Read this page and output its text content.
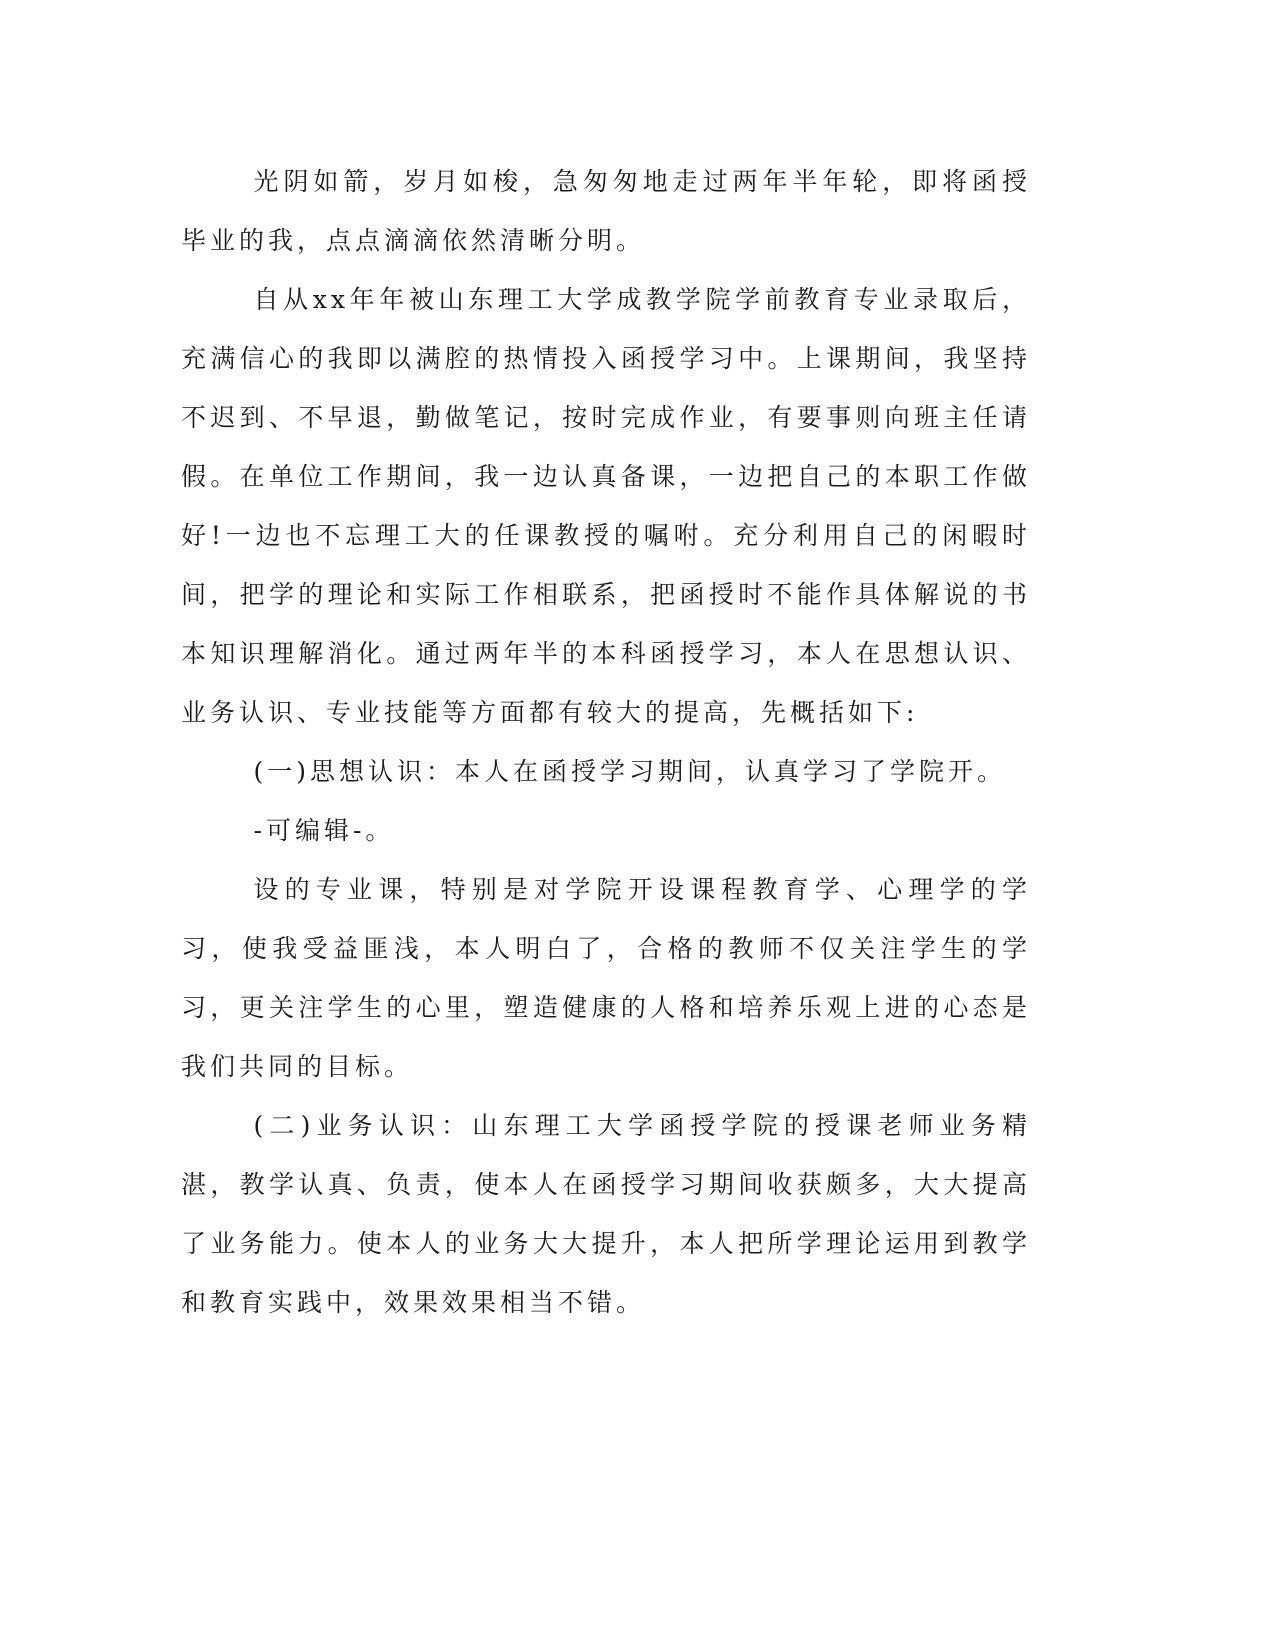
光阴如箭，岁月如梭，急匆匆地走过两年半年轮，即将函授毕业的我，点点滴滴依然清晰分明。

自从xx年年被山东理工大学成教学院学前教育专业录取后，充满信心的我即以满腔的热情投入函授学习中。上课期间，我坚持不迟到、不早退，勤做笔记，按时完成作业，有要事则向班主任请假。在单位工作期间，我一边认真备课，一边把自己的本职工作做好!一边也不忘理工大的任课教授的嘱咐。充分利用自己的闲暇时间，把学的理论和实际工作相联系，把函授时不能作具体解说的书本知识理解消化。通过两年半的本科函授学习，本人在思想认识、业务认识、专业技能等方面都有较大的提高，先概括如下:

(一)思想认识：本人在函授学习期间，认真学习了学院开。

-可编辑-。

设的专业课，特别是对学院开设课程教育学、心理学的学习，使我受益匪浅，本人明白了，合格的教师不仅关注学生的学习，更关注学生的心里，塑造健康的人格和培养乐观上进的心态是我们共同的目标。

(二)业务认识：山东理工大学函授学院的授课老师业务精湛，教学认真、负责，使本人在函授学习期间收获颇多，大大提高了业务能力。使本人的业务大大提升，本人把所学理论运用到教学和教育实践中，效果效果相当不错。
